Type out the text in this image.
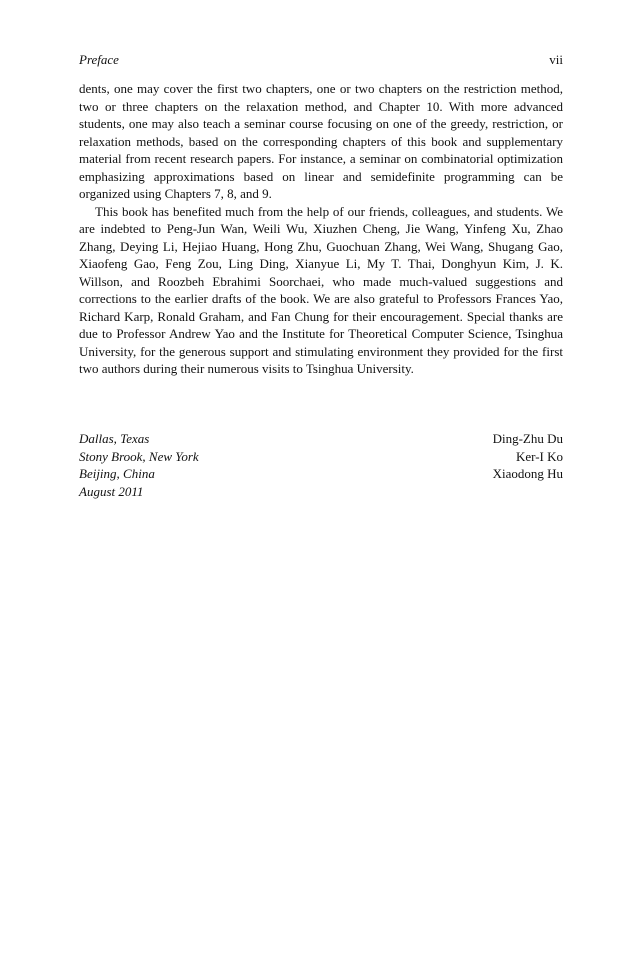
Preface	vii

dents, one may cover the first two chapters, one or two chapters on the restriction method, two or three chapters on the relaxation method, and Chapter 10. With more advanced students, one may also teach a seminar course focusing on one of the greedy, restriction, or relaxation methods, based on the corresponding chapters of this book and supplementary material from recent research papers. For instance, a seminar on combinatorial optimization emphasizing approximations based on linear and semidefinite programming can be organized using Chapters 7, 8, and 9.

This book has benefited much from the help of our friends, colleagues, and students. We are indebted to Peng-Jun Wan, Weili Wu, Xiuzhen Cheng, Jie Wang, Yinfeng Xu, Zhao Zhang, Deying Li, Hejiao Huang, Hong Zhu, Guochuan Zhang, Wei Wang, Shugang Gao, Xiaofeng Gao, Feng Zou, Ling Ding, Xianyue Li, My T. Thai, Donghyun Kim, J. K. Willson, and Roozbeh Ebrahimi Soorchaei, who made much-valued suggestions and corrections to the earlier drafts of the book. We are also grateful to Professors Frances Yao, Richard Karp, Ronald Graham, and Fan Chung for their encouragement. Special thanks are due to Professor Andrew Yao and the Institute for Theoretical Computer Science, Tsinghua University, for the generous support and stimulating environment they provided for the first two authors during their numerous visits to Tsinghua University.

Dallas, Texas
Stony Brook, New York
Beijing, China
August 2011
Ding-Zhu Du
Ker-I Ko
Xiaodong Hu
